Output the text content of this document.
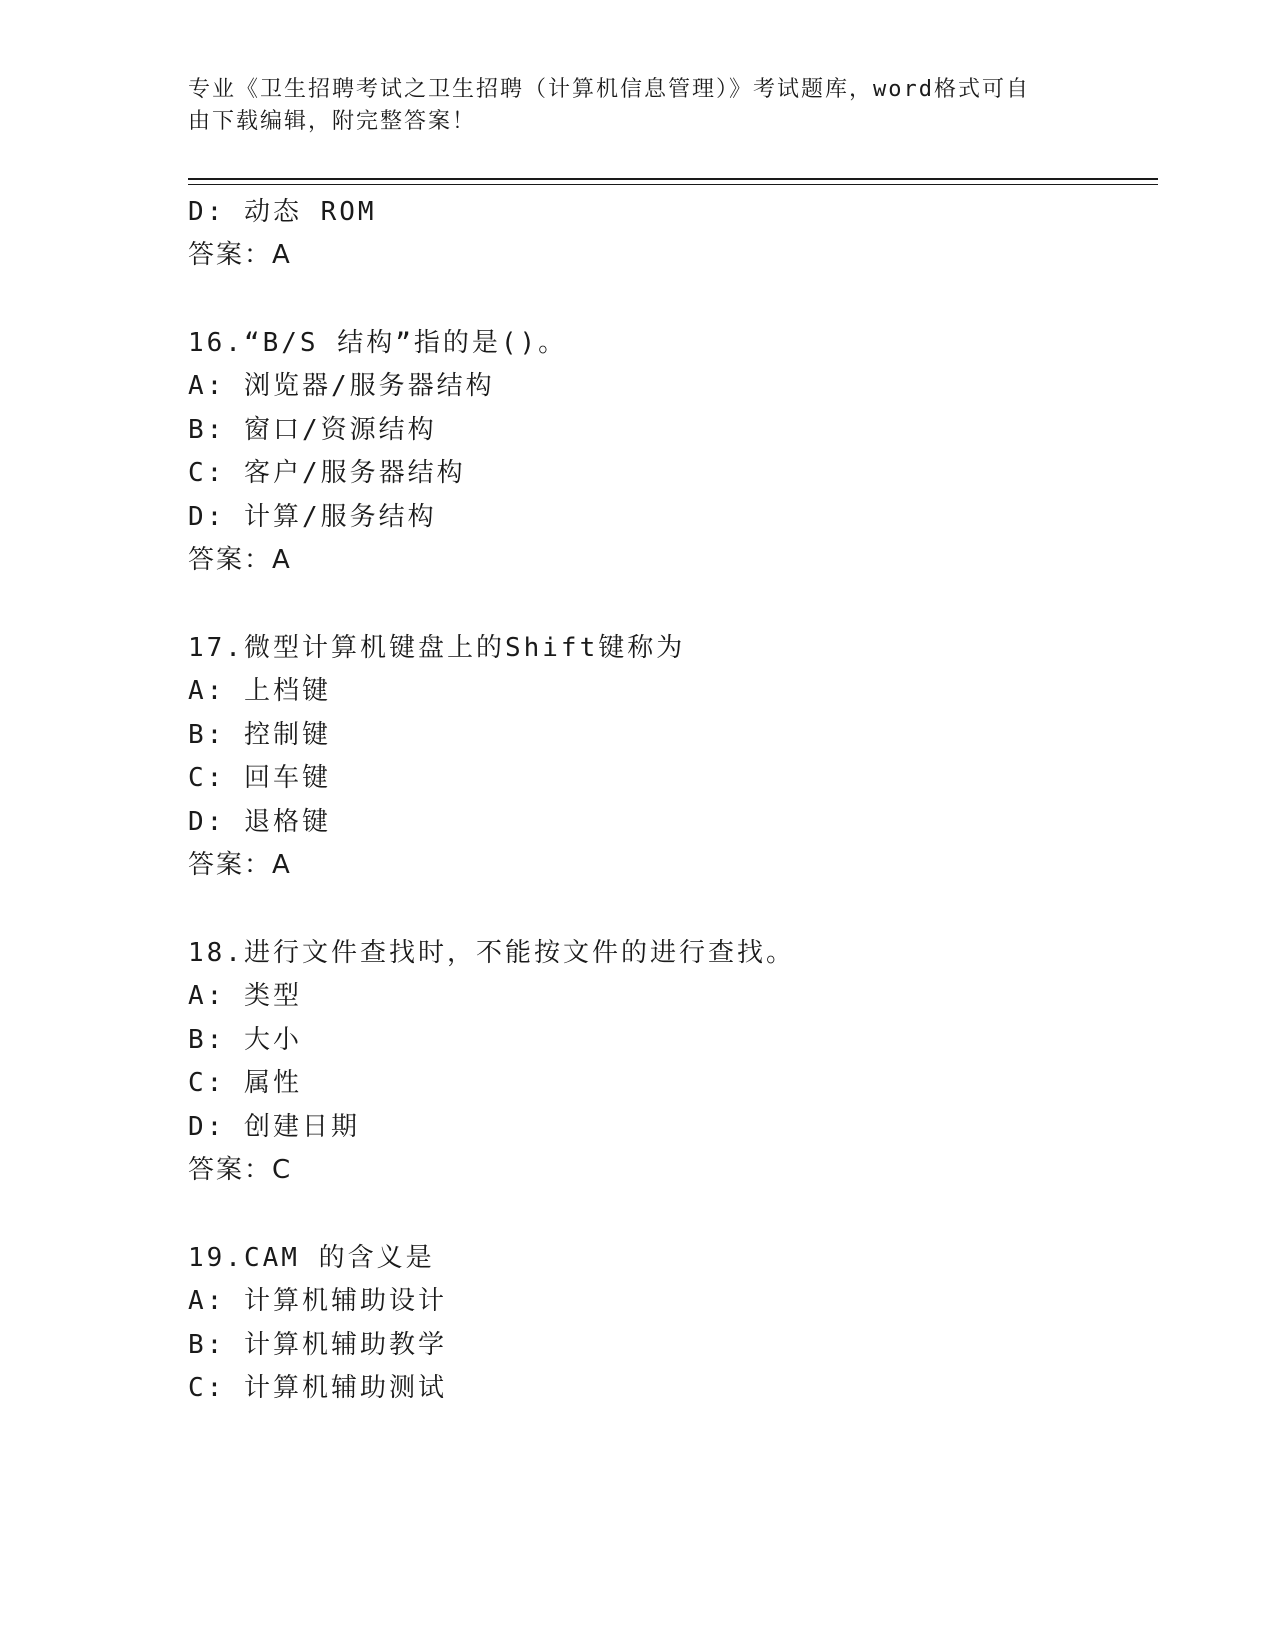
专业《卫生招聘考试之卫生招聘（计算机信息管理）》考试题库，word格式可自
由下载编辑，附完整答案！
D: 动态 ROM
答案：A
16.“B/S 结构”指的是()。
A: 浏览器/服务器结构
B: 窗口/资源结构
C: 客户/服务器结构
D: 计算/服务结构
答案：A
17.微型计算机键盘上的Shift键称为
A: 上档键
B: 控制键
C: 回车键
D: 退格键
答案：A
18.进行文件查找时，不能按文件的进行查找。
A: 类型
B: 大小
C: 属性
D: 创建日期
答案：C
19.CAM 的含义是
A: 计算机辅助设计
B: 计算机辅助教学
C: 计算机辅助测试
